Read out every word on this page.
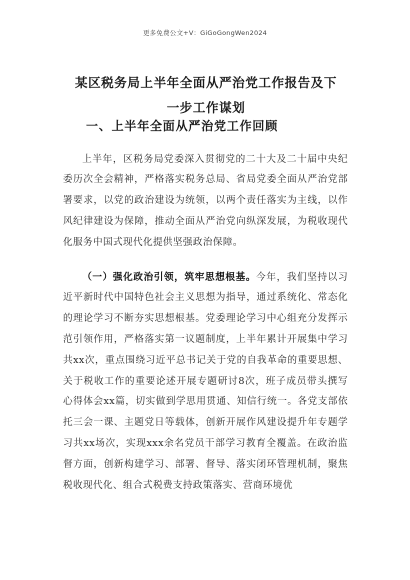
更多免费公文+V：GiGoGongWen2024
某区税务局上半年全面从严治党工作报告及下一步工作谋划
一、上半年全面从严治党工作回顾

上半年，区税务局党委深入贯彻党的二十大及二十届中央纪委历次全会精神，严格落实税务总局、省局党委全面从严治党部署要求，以党的政治建设为统领，以两个责任落实为主线，以作风纪律建设为保障，推动全面从严治党向纵深发展，为税收现代化服务中国式现代化提供坚强政治保障。

（一）强化政治引领，筑牢思想根基。今年，我们坚持以习近平新时代中国特色社会主义思想为指导，通过系统化、常态化的理论学习不断夯实思想根基。党委理论学习中心组充分发挥示范引领作用，严格落实第一议题制度，上半年累计开展集中学习共xx次，重点围绕习近平总书记关于党的自我革命的重要思想、关于税收工作的重要论述开展专题研讨8次，班子成员带头撰写心得体会xx篇，切实做到学思用贯通、知信行统一。各党支部依托三会一课、主题党日等载体，创新开展作风建设提升年专题学习共xx场次，实现xxx余名党员干部学习教育全覆盖。在政治监督方面，创新构建学习、部署、督导、落实闭环管理机制，聚焦税收现代化、组合式税费支持政策落实、营商环境优
